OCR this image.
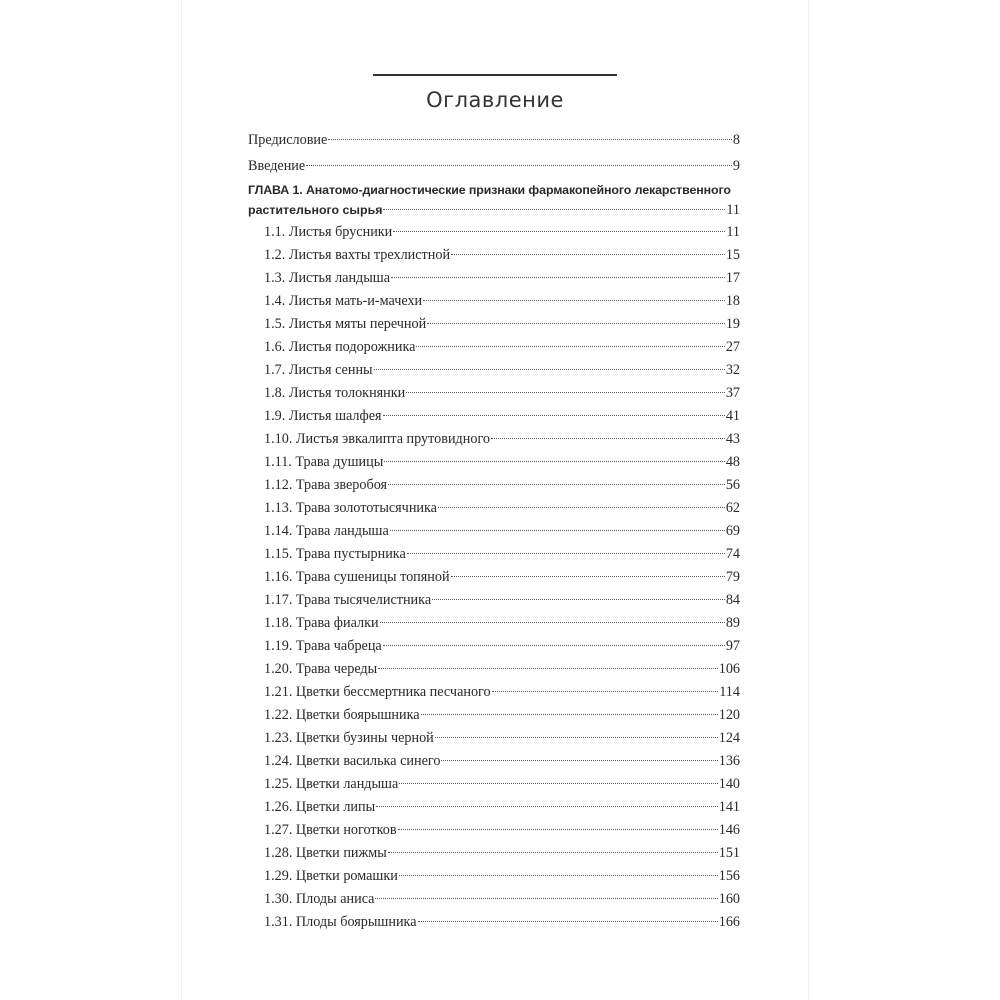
Оглавление
Предисловие	8
Введение	9
ГЛАВА 1. Анатомо-диагностические признаки фармакопейного лекарственного
растительного сырья	11
1.1. Листья брусники	11
1.2. Листья вахты трехлистной	15
1.3. Листья ландыша	17
1.4. Листья мать-и-мачехи	18
1.5. Листья мяты перечной	19
1.6. Листья подорожника	27
1.7. Листья сенны	32
1.8. Листья толокнянки	37
1.9. Листья шалфея	41
1.10. Листья эвкалипта прутовидного	43
1.11. Трава душицы	48
1.12. Трава зверобоя	56
1.13. Трава золототысячника	62
1.14. Трава ландыша	69
1.15. Трава пустырника	74
1.16. Трава сушеницы топяной	79
1.17. Трава тысячелистника	84
1.18. Трава фиалки	89
1.19. Трава чабреца	97
1.20. Трава череды	106
1.21. Цветки бессмертника песчаного	114
1.22. Цветки боярышника	120
1.23. Цветки бузины черной	124
1.24. Цветки василька синего	136
1.25. Цветки ландыша	140
1.26. Цветки липы	141
1.27. Цветки ноготков	146
1.28. Цветки пижмы	151
1.29. Цветки ромашки	156
1.30. Плоды аниса	160
1.31. Плоды боярышника	166
